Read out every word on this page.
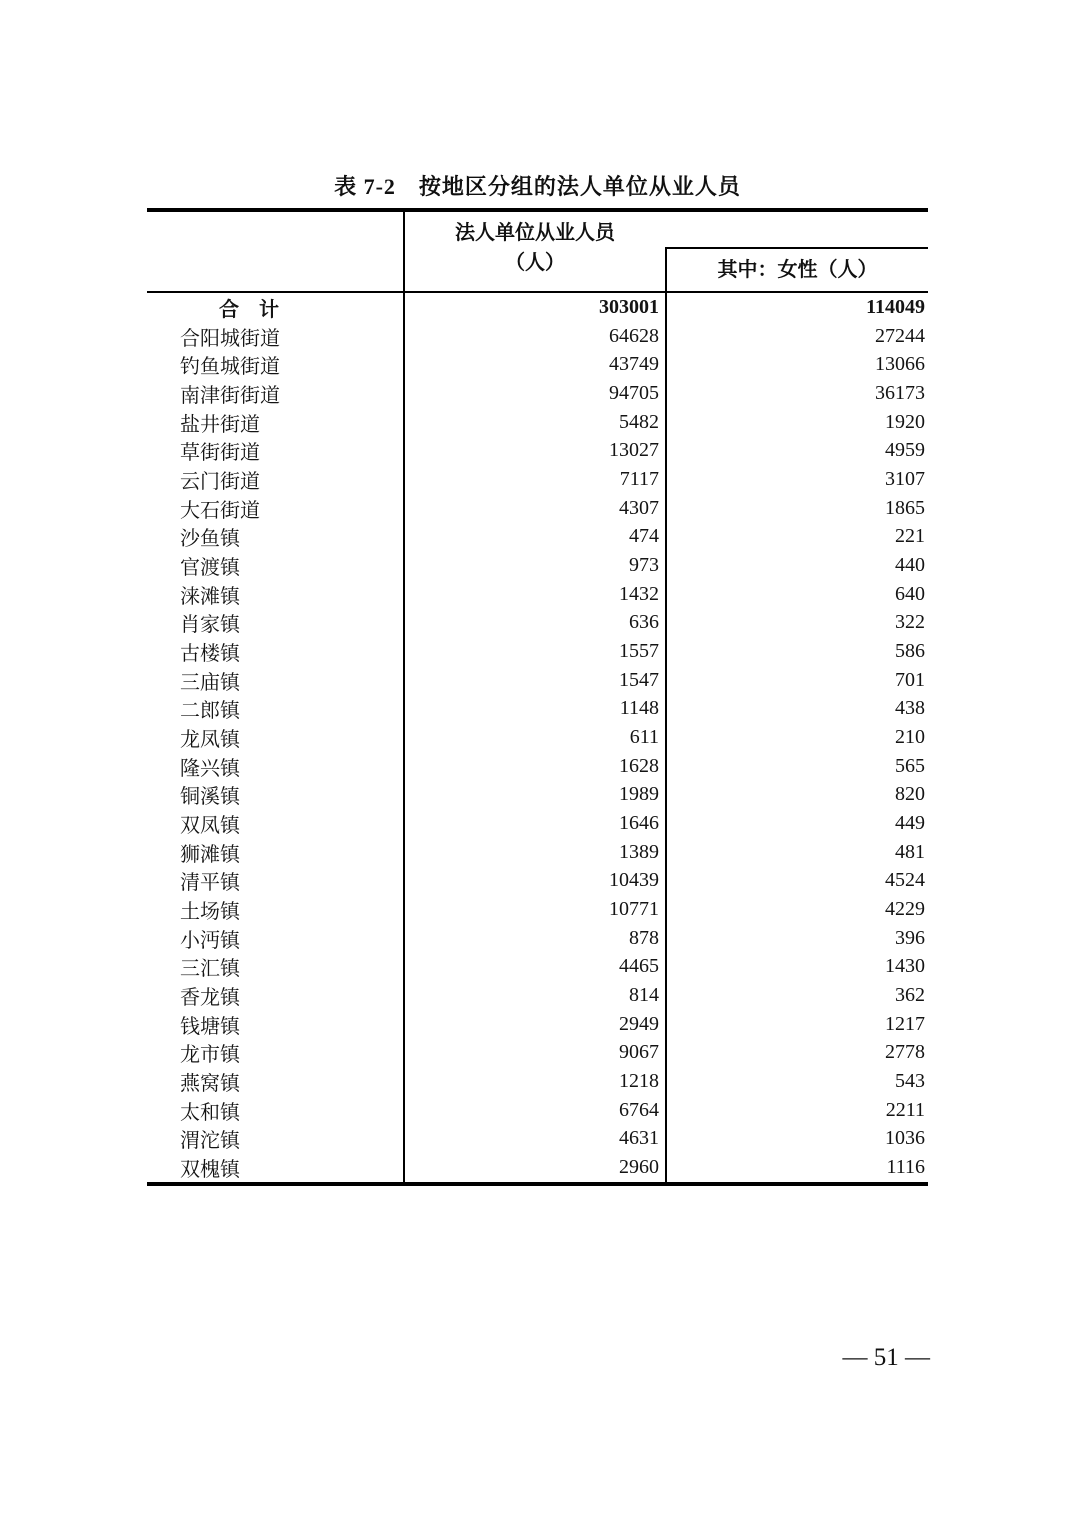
表 7-2　按地区分组的法人单位从业人员
法人单位从业人员
（人）	其中：女性（人）
合　计	303001	114049
合阳城街道	64628	27244
钓鱼城街道	43749	13066
南津街街道	94705	36173
盐井街道	5482	1920
草街街道	13027	4959
云门街道	7117	3107
大石街道	4307	1865
沙鱼镇	474	221
官渡镇	973	440
涞滩镇	1432	640
肖家镇	636	322
古楼镇	1557	586
三庙镇	1547	701
二郎镇	1148	438
龙凤镇	611	210
隆兴镇	1628	565
铜溪镇	1989	820
双凤镇	1646	449
狮滩镇	1389	481
清平镇	10439	4524
土场镇	10771	4229
小沔镇	878	396
三汇镇	4465	1430
香龙镇	814	362
钱塘镇	2949	1217
龙市镇	9067	2778
燕窝镇	1218	543
太和镇	6764	2211
渭沱镇	4631	1036
双槐镇	2960	1116
— 51 —
